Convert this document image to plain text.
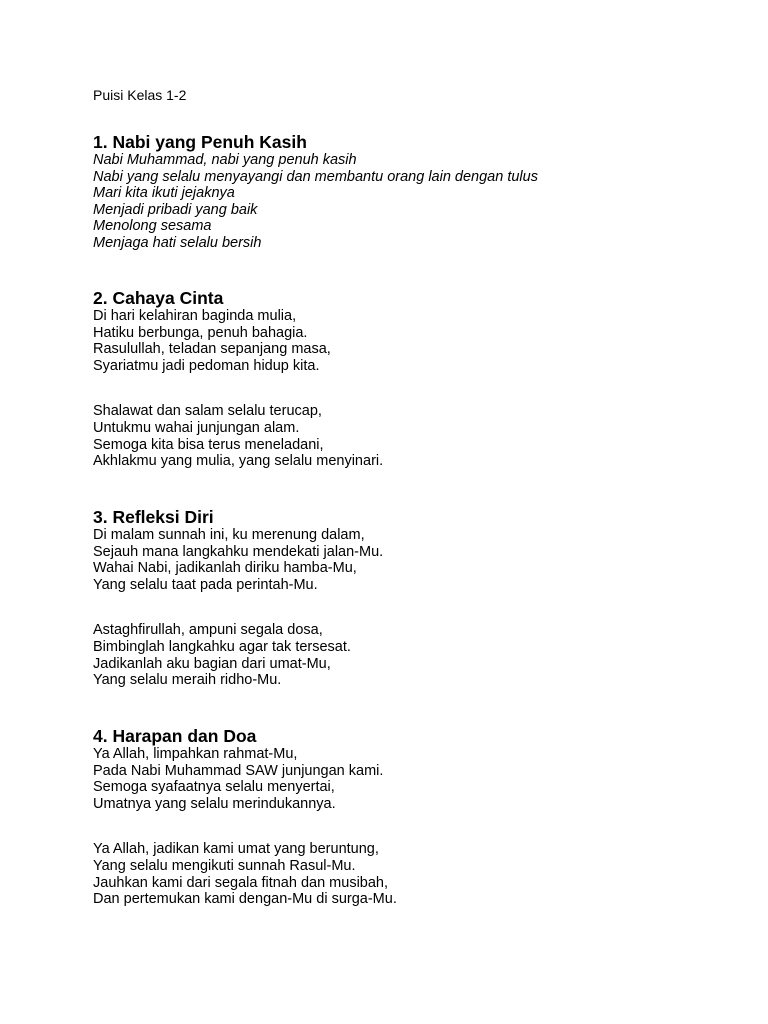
Puisi Kelas 1-2

1. Nabi yang Penuh Kasih

Nabi Muhammad, nabi yang penuh kasih

Nabi yang selalu menyayangi dan membantu orang lain dengan tulus

Mari kita ikuti jejaknya

Menjadi pribadi yang baik

Menolong sesama

Menjaga hati selalu bersih

2. Cahaya Cinta

Di hari kelahiran baginda mulia,

Hatiku berbunga, penuh bahagia.

Rasulullah, teladan sepanjang masa,

Syariatmu jadi pedoman hidup kita.

Shalawat dan salam selalu terucap,

Untukmu wahai junjungan alam.

Semoga kita bisa terus meneladani,

Akhlakmu yang mulia, yang selalu menyinari.

3. Refleksi Diri

Di malam sunnah ini, ku merenung dalam,

Sejauh mana langkahku mendekati jalan-Mu.

Wahai Nabi, jadikanlah diriku hamba-Mu,

Yang selalu taat pada perintah-Mu.

Astaghfirullah, ampuni segala dosa,

Bimbinglah langkahku agar tak tersesat.

Jadikanlah aku bagian dari umat-Mu,

Yang selalu meraih ridho-Mu.

4. Harapan dan Doa

Ya Allah, limpahkan rahmat-Mu,

Pada Nabi Muhammad SAW junjungan kami.

Semoga syafaatnya selalu menyertai,

Umatnya yang selalu merindukannya.

Ya Allah, jadikan kami umat yang beruntung,

Yang selalu mengikuti sunnah Rasul-Mu.

Jauhkan kami dari segala fitnah dan musibah,

Dan pertemukan kami dengan-Mu di surga-Mu.
